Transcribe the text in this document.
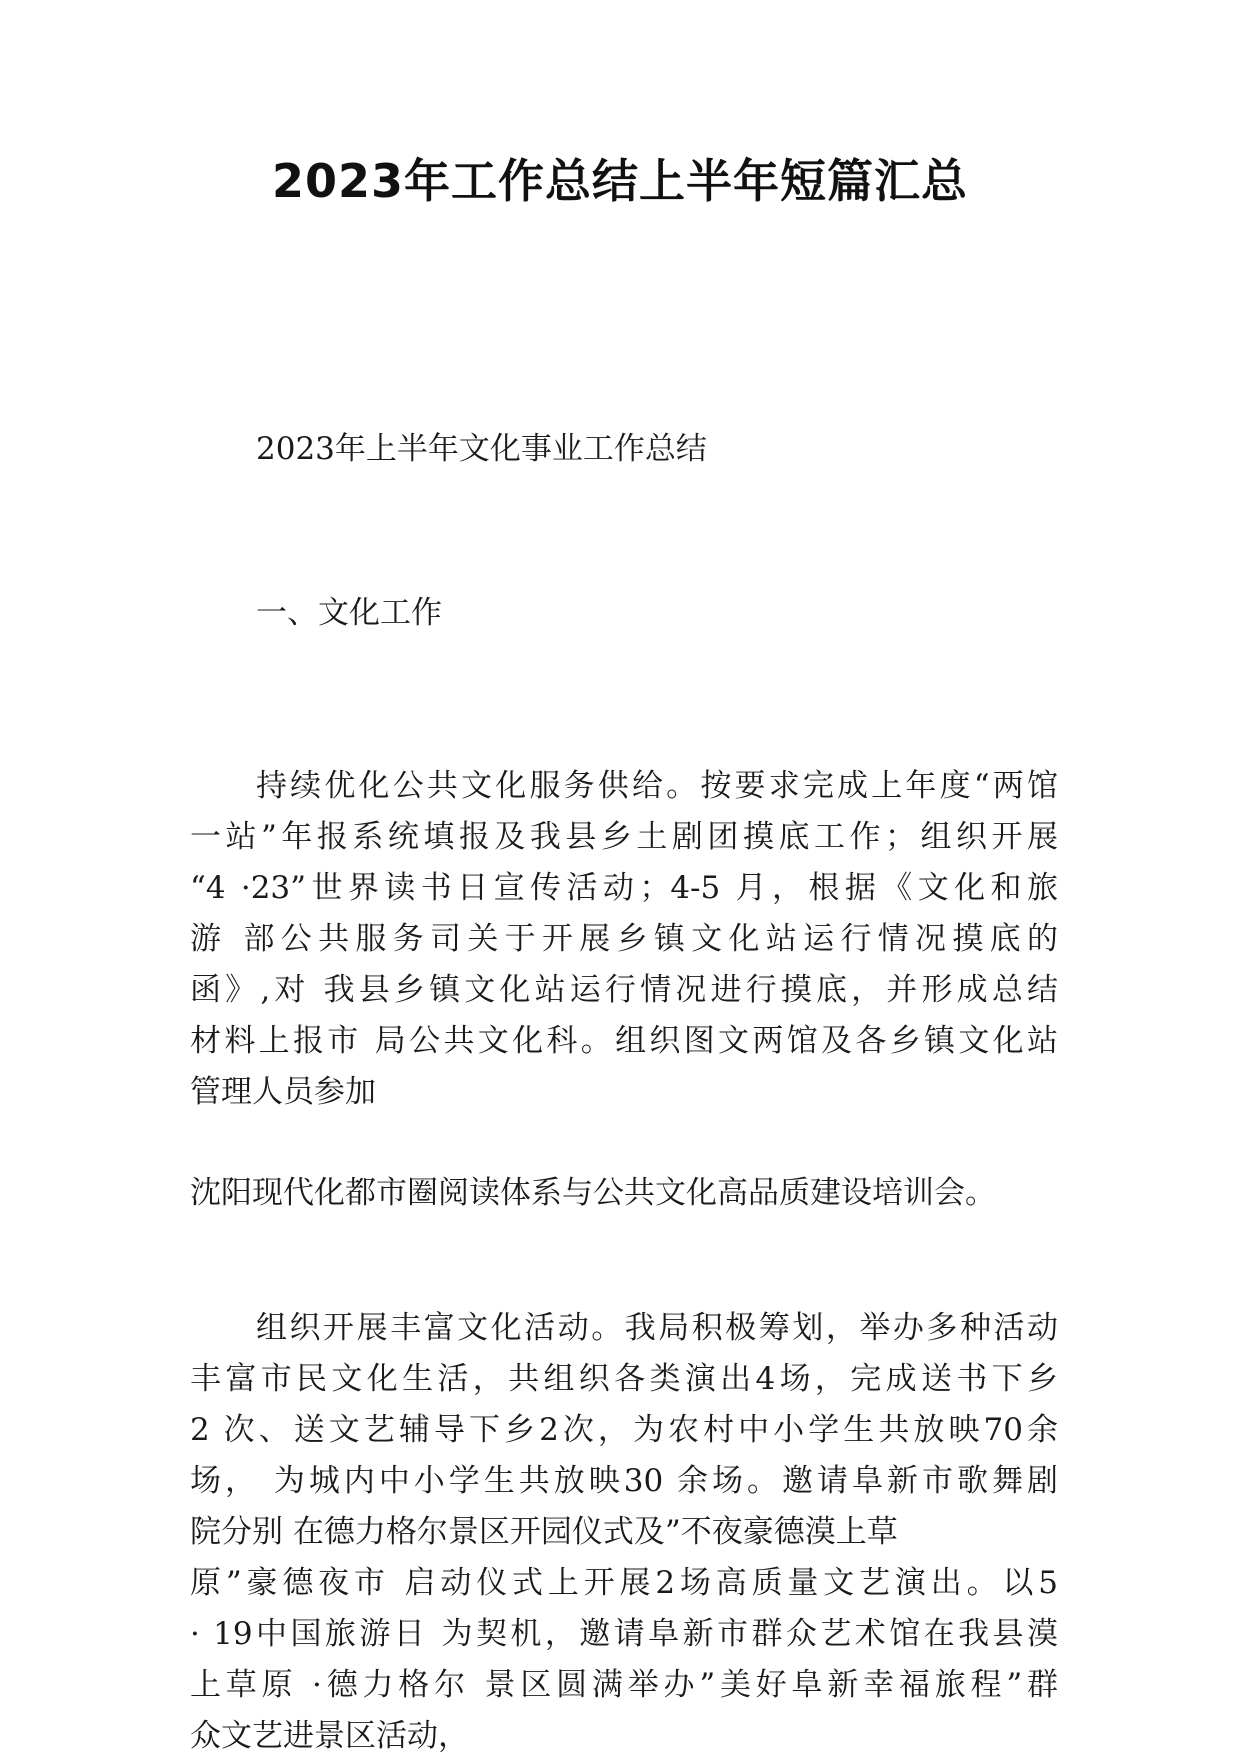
2023年工作总结上半年短篇汇总

2023年上半年文化事业工作总结

一、文化工作

持续优化公共文化服务供给。按要求完成上年度“两馆
一站”年报系统填报及我县乡土剧团摸底工作；组织开展
“4 ·23”世界读书日宣传活动；4-5 月，根据《文化和旅
游 部公共服务司关于开展乡镇文化站运行情况摸底的
函》,对 我县乡镇文化站运行情况进行摸底，并形成总结
材料上报市 局公共文化科。组织图文两馆及各乡镇文化站
管理人员参加

沈阳现代化都市圈阅读体系与公共文化高品质建设培训会。

组织开展丰富文化活动。我局积极筹划，举办多种活动
丰富市民文化生活，共组织各类演出4场，完成送书下乡
2 次、送文艺辅导下乡2次，为农村中小学生共放映70余
场， 为城内中小学生共放映30 余场。邀请阜新市歌舞剧
院分别 在德力格尔景区开园仪式及”不夜豪德漠上草
原”豪德夜市 启动仪式上开展2场高质量文艺演出。以5
· 19中国旅游日 为契机，邀请阜新市群众艺术馆在我县漠
上草原 ·德力格尔 景区圆满举办”美好阜新幸福旅程”群
众文艺进景区活动，
